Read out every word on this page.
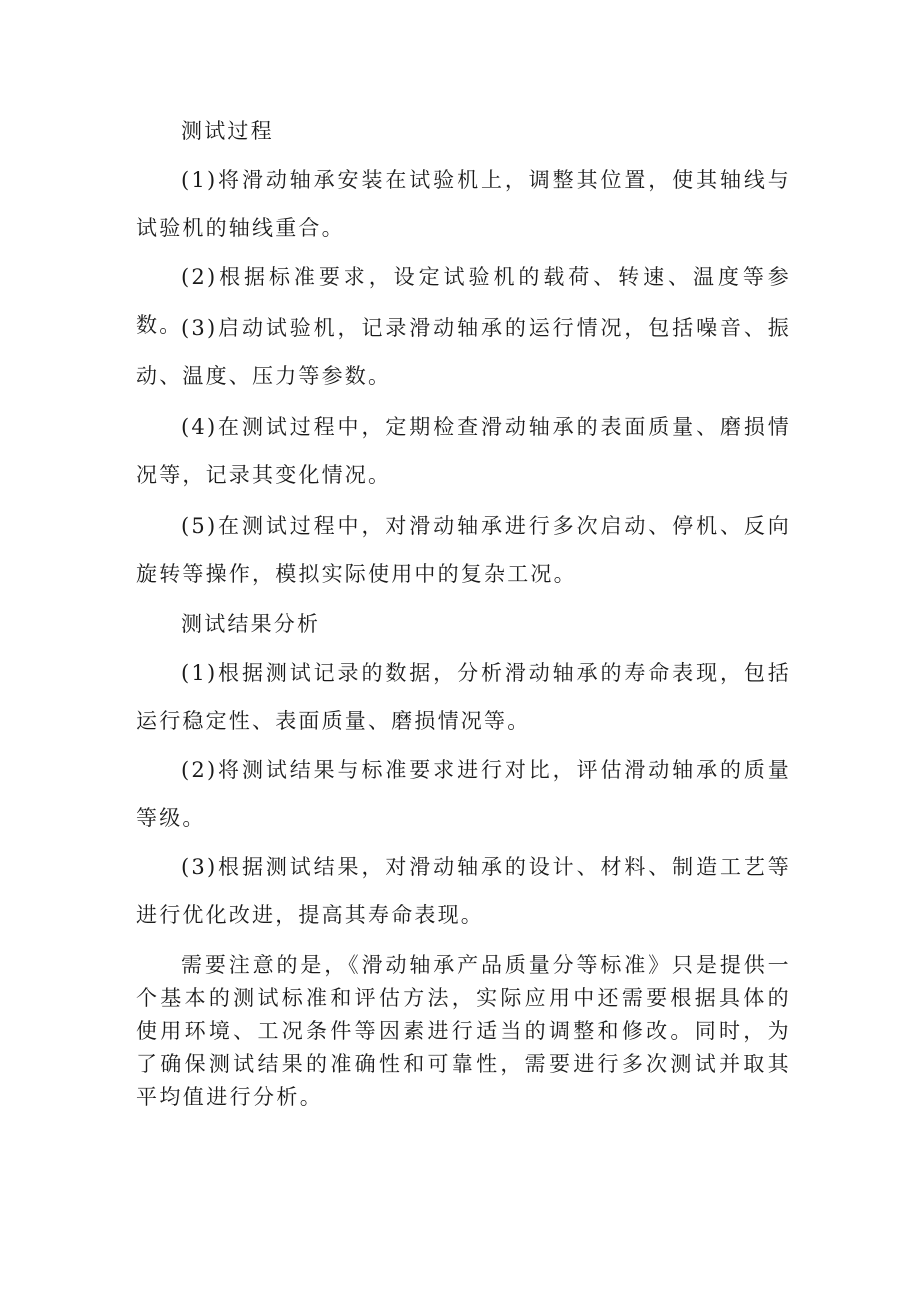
测试过程

(1)将滑动轴承安装在试验机上，调整其位置，使其轴线与试验机的轴线重合。

(2)根据标准要求，设定试验机的载荷、转速、温度等参数。

(3)启动试验机，记录滑动轴承的运行情况，包括噪音、振动、温度、压力等参数。

(4)在测试过程中，定期检查滑动轴承的表面质量、磨损情况等，记录其变化情况。

(5)在测试过程中，对滑动轴承进行多次启动、停机、反向旋转等操作，模拟实际使用中的复杂工况。

测试结果分析

(1)根据测试记录的数据，分析滑动轴承的寿命表现，包括运行稳定性、表面质量、磨损情况等。

(2)将测试结果与标准要求进行对比，评估滑动轴承的质量等级。

(3)根据测试结果，对滑动轴承的设计、材料、制造工艺等进行优化改进，提高其寿命表现。

需要注意的是，《滑动轴承产品质量分等标准》只是提供一个基本的测试标准和评估方法，实际应用中还需要根据具体的使用环境、工况条件等因素进行适当的调整和修改。同时，为了确保测试结果的准确性和可靠性，需要进行多次测试并取其平均值进行分析。
